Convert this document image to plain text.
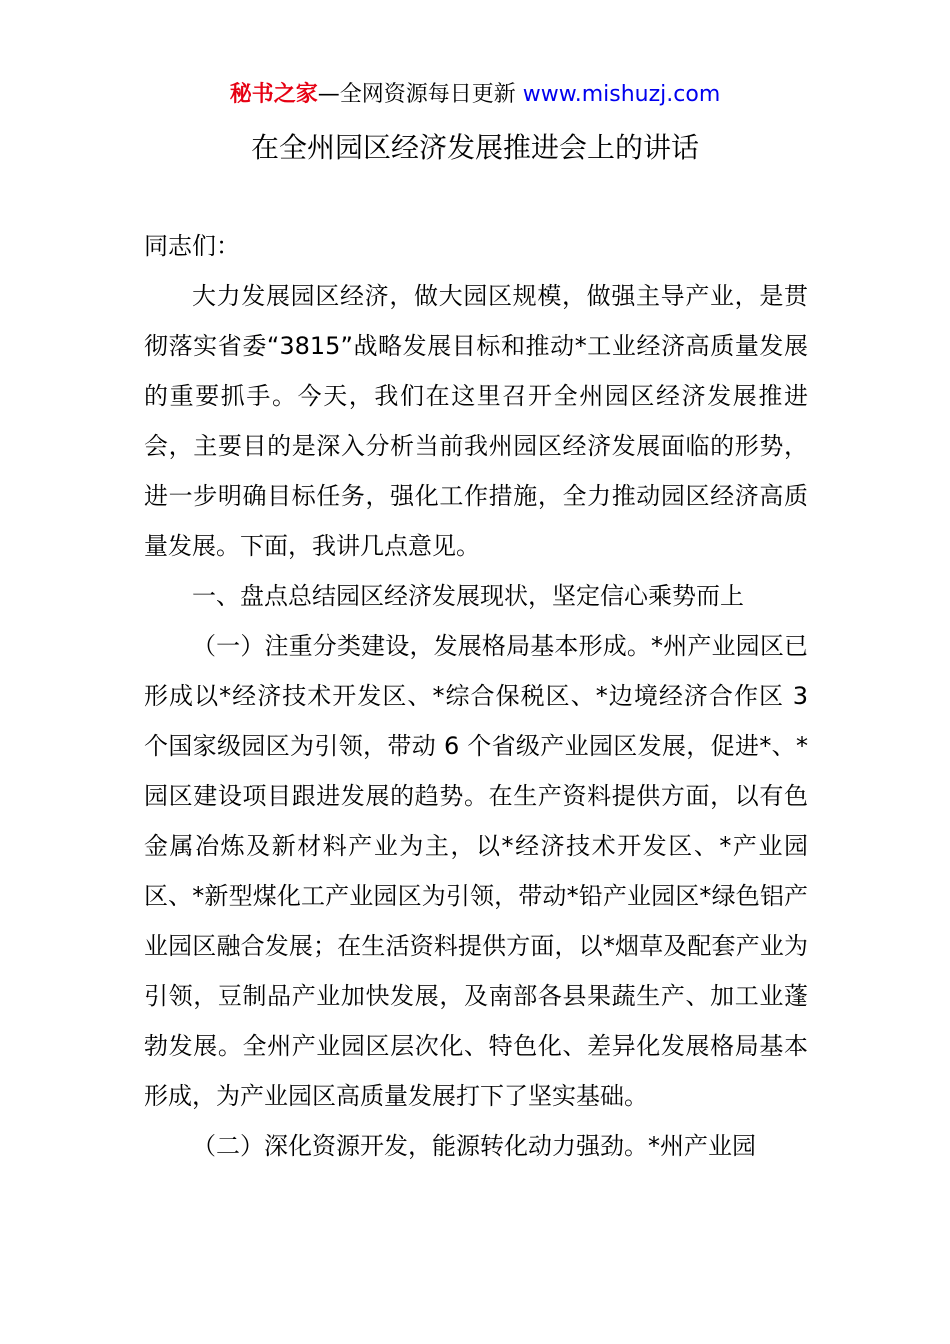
秘书之家—全网资源每日更新 www.mishuzj.com
在全州园区经济发展推进会上的讲话

同志们：

大力发展园区经济，做大园区规模，做强主导产业，是贯彻落实省委“3815”战略发展目标和推动*工业经济高质量发展的重要抓手。今天，我们在这里召开全州园区经济发展推进会，主要目的是深入分析当前我州园区经济发展面临的形势，进一步明确目标任务，强化工作措施，全力推动园区经济高质量发展。下面，我讲几点意见。

一、盘点总结园区经济发展现状，坚定信心乘势而上

（一）注重分类建设，发展格局基本形成。*州产业园区已形成以*经济技术开发区、*综合保税区、*边境经济合作区 3 个国家级园区为引领，带动 6 个省级产业园区发展，促进*、*园区建设项目跟进发展的趋势。在生产资料提供方面，以有色金属冶炼及新材料产业为主，以*经济技术开发区、*产业园区、*新型煤化工产业园区为引领，带动*铅产业园区*绿色铝产业园区融合发展；在生活资料提供方面，以*烟草及配套产业为引领，豆制品产业加快发展，及南部各县果蔬生产、加工业蓬勃发展。全州产业园区层次化、特色化、差异化发展格局基本形成，为产业园区高质量发展打下了坚实基础。

（二）深化资源开发，能源转化动力强劲。*州产业园
